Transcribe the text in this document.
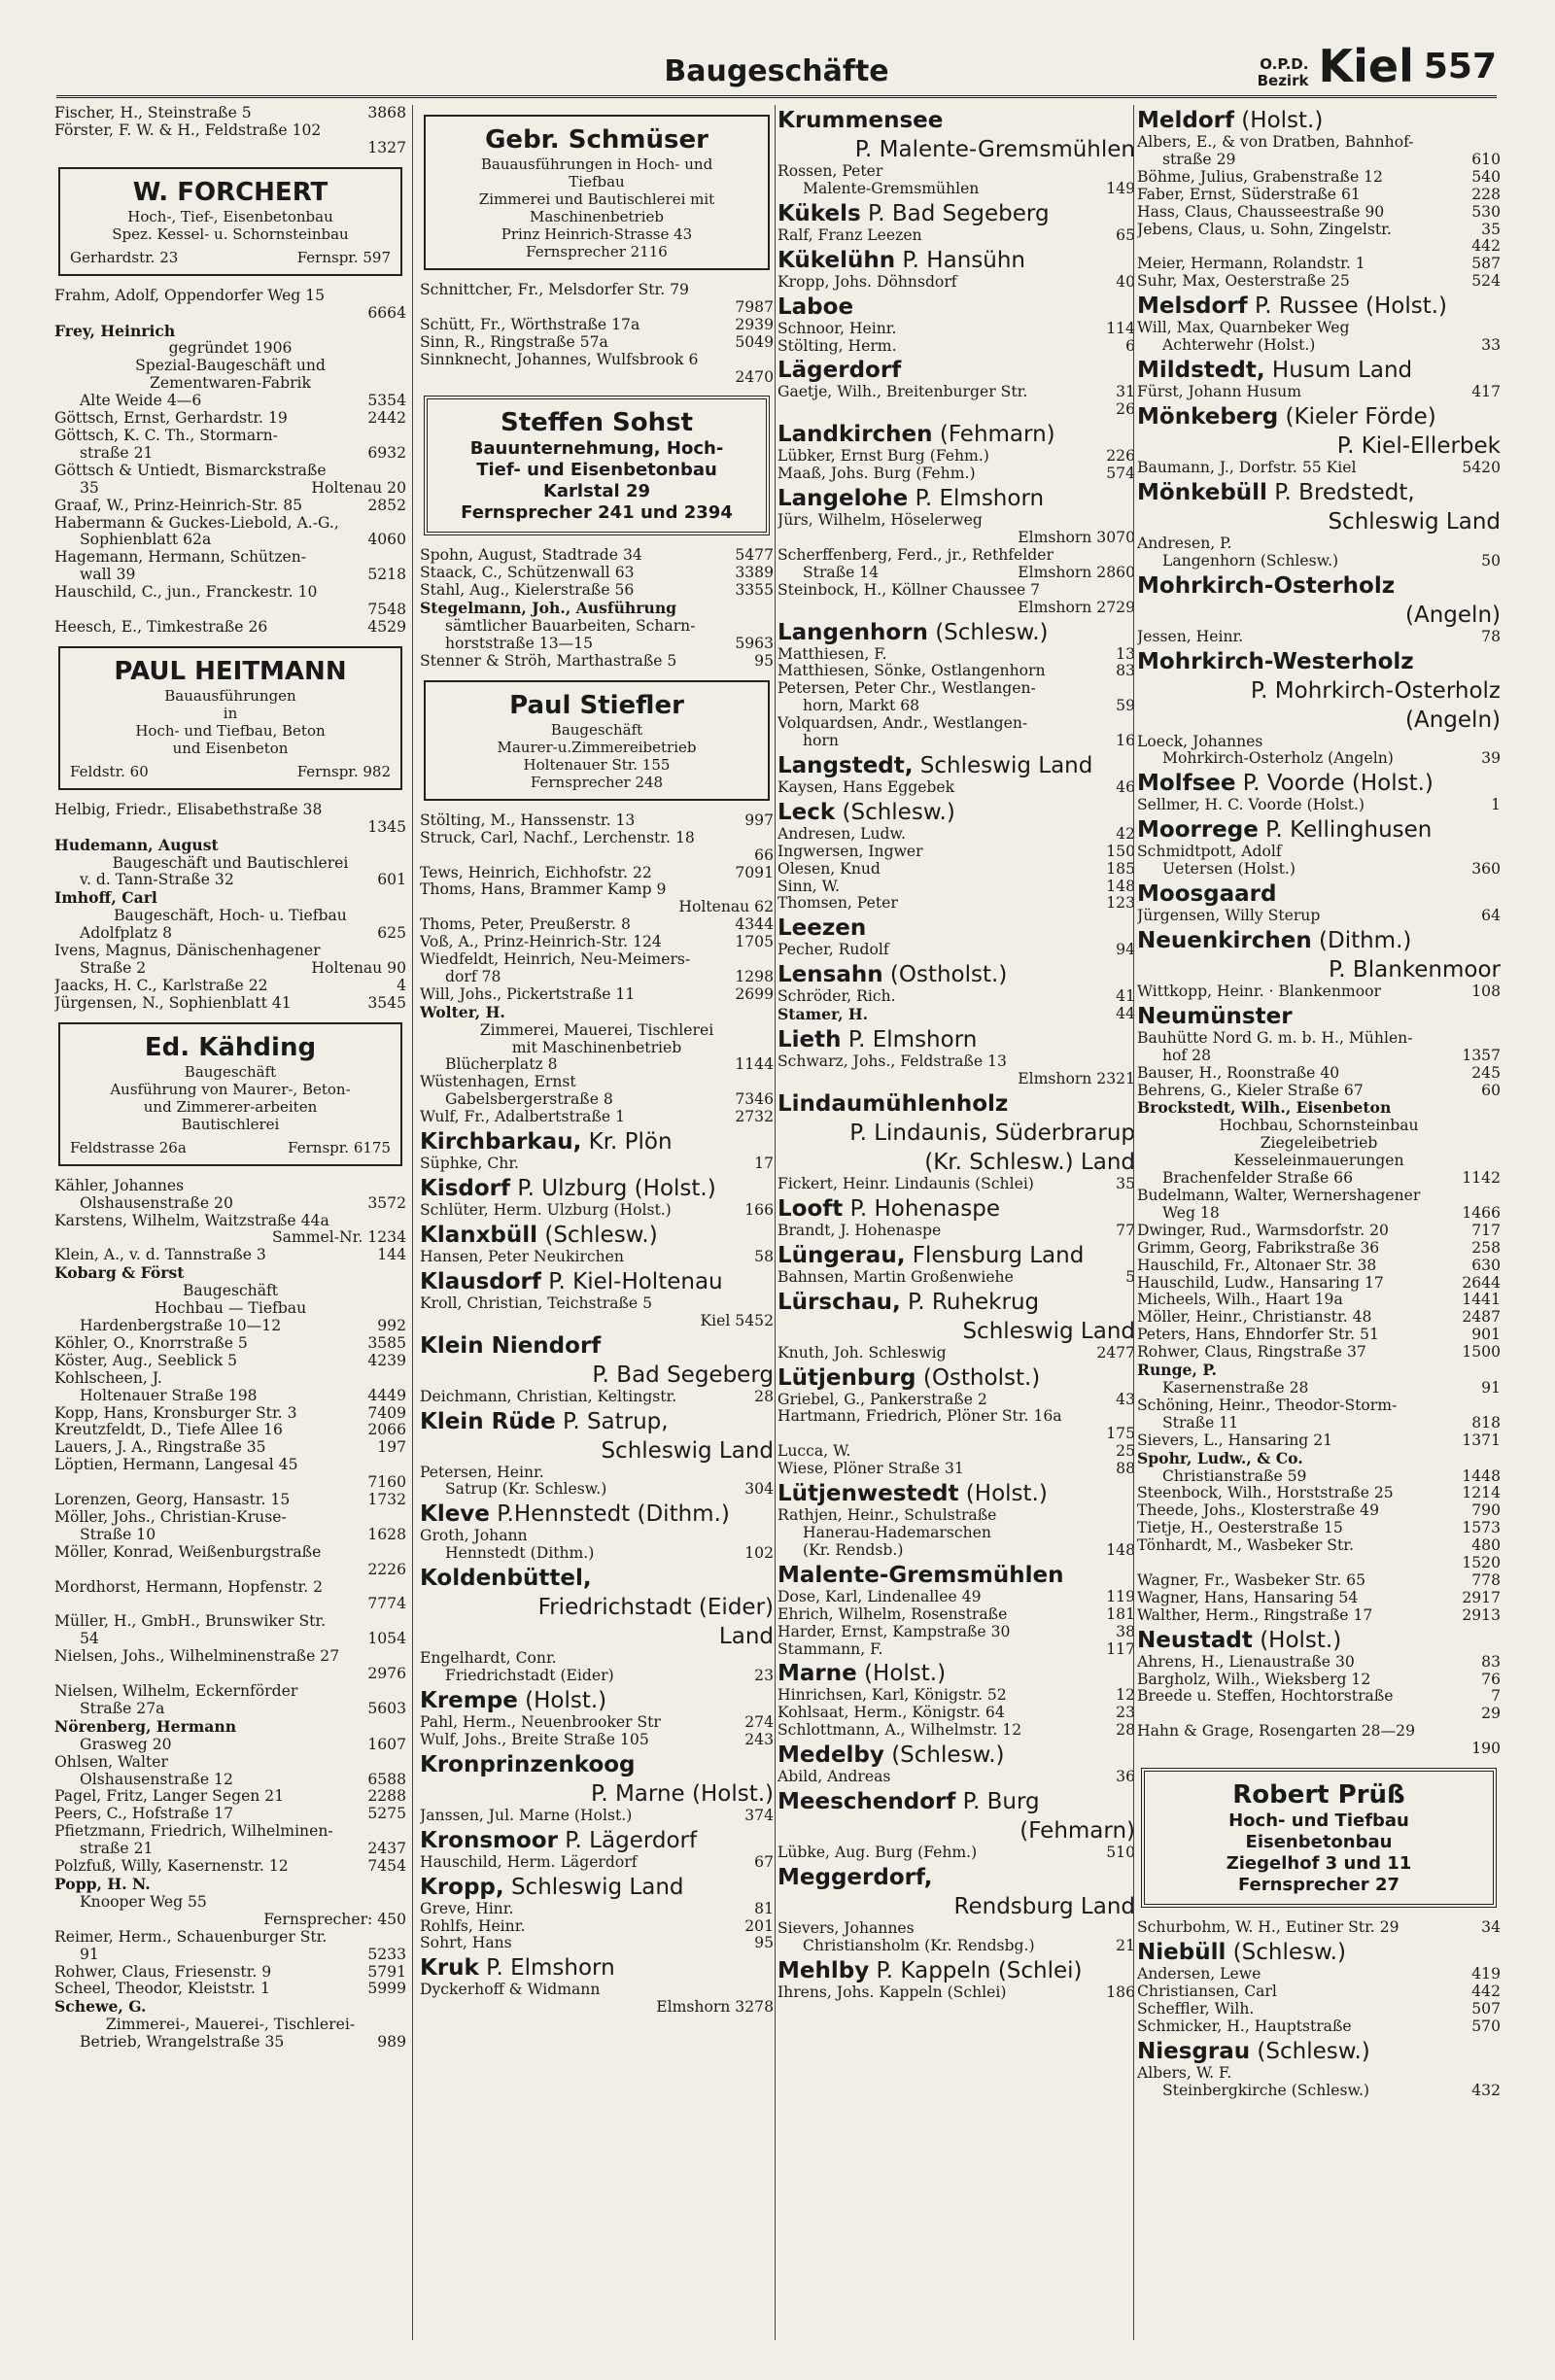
Baugeschäfte	O.P.D.
Bezirk Kiel 557
Fischer, H., Steinstraße 5	3868
Förster, F. W. & H., Feldstraße 102
1327
W. FORCHERT
Hoch-, Tief-, Eisenbetonbau
Spez. Kessel- u. Schornsteinbau
Gerhardstr. 23	Fernspr. 597
Frahm, Adolf, Oppendorfer Weg 15
6664
Frey, Heinrich
gegründet 1906
Spezial-Baugeschäft und
Zementwaren-Fabrik
Alte Weide 4—6	5354
Göttsch, Ernst, Gerhardstr. 19	2442
Göttsch, K. C. Th., Stormarn-
straße 21	6932
Göttsch & Untiedt, Bismarckstraße
35	Holtenau 20
Graaf, W., Prinz-Heinrich-Str. 85	2852
Habermann & Guckes-Liebold, A.-G.,
Sophienblatt 62a	4060
Hagemann, Hermann, Schützen-
wall 39	5218
Hauschild, C., jun., Franckestr. 10
7548
Heesch, E., Timkestraße 26	4529
PAUL HEITMANN
Bauausführungen
in
Hoch- und Tiefbau, Beton
und Eisenbeton
Feldstr. 60	Fernspr. 982
Helbig, Friedr., Elisabethstraße 38
1345
Hudemann, August
Baugeschäft und Bautischlerei
v. d. Tann-Straße 32	601
Imhoff, Carl
Baugeschäft, Hoch- u. Tiefbau
Adolfplatz 8	625
Ivens, Magnus, Dänischenhagener
Straße 2	Holtenau 90
Jaacks, H. C., Karlstraße 22	4
Jürgensen, N., Sophienblatt 41	3545
Ed. Kähding
Baugeschäft
Ausführung von Maurer-, Beton-
und Zimmerer-arbeiten
Bautischlerei
Feldstrasse 26a	Fernspr. 6175
Kähler, Johannes
Olshausenstraße 20	3572
Karstens, Wilhelm, Waitzstraße 44a
Sammel-Nr. 1234
Klein, A., v. d. Tannstraße 3	144
Kobarg & Först
Baugeschäft
Hochbau — Tiefbau
Hardenbergstraße 10—12	992
Köhler, O., Knorrstraße 5	3585
Köster, Aug., Seeblick 5	4239
Kohlscheen, J.
Holtenauer Straße 198	4449
Kopp, Hans, Kronsburger Str. 3	7409
Kreutzfeldt, D., Tiefe Allee 16	2066
Lauers, J. A., Ringstraße 35	197
Löptien, Hermann, Langesal 45
7160
Lorenzen, Georg, Hansastr. 15	1732
Möller, Johs., Christian-Kruse-
Straße 10	1628
Möller, Konrad, Weißenburgstraße
2226
Mordhorst, Hermann, Hopfenstr. 2
7774
Müller, H., GmbH., Brunswiker Str.
54	1054
Nielsen, Johs., Wilhelminenstraße 27
2976
Nielsen, Wilhelm, Eckernförder
Straße 27a	5603
Nörenberg, Hermann
Grasweg 20	1607
Ohlsen, Walter
Olshausenstraße 12	6588
Pagel, Fritz, Langer Segen 21	2288
Peers, C., Hofstraße 17	5275
Pfietzmann, Friedrich, Wilhelminen-
straße 21	2437
Polzfuß, Willy, Kasernenstr. 12	7454
Popp, H. N.
Knooper Weg 55
Fernsprecher: 450
Reimer, Herm., Schauenburger Str.
91	5233
Rohwer, Claus, Friesenstr. 9	5791
Scheel, Theodor, Kleiststr. 1	5999
Schewe, G.
Zimmerei-, Mauerei-, Tischlerei-
Betrieb, Wrangelstraße 35	989
Gebr. Schmüser
Bauausführungen in Hoch- und
Tiefbau
Zimmerei und Bautischlerei mit
Maschinenbetrieb
Prinz Heinrich-Strasse 43
Fernsprecher 2116
Schnittcher, Fr., Melsdorfer Str. 79
7987
Schütt, Fr., Wörthstraße 17a	2939
Sinn, R., Ringstraße 57a	5049
Sinnknecht, Johannes, Wulfsbrook 6
2470
Steffen Sohst
Bauunternehmung, Hoch-
Tief- und Eisenbetonbau
Karlstal 29
Fernsprecher 241 und 2394
Spohn, August, Stadtrade 34	5477
Staack, C., Schützenwall 63	3389
Stahl, Aug., Kielerstraße 56	3355
Stegelmann, Joh., Ausführung
sämtlicher Bauarbeiten, Scharn-
horststraße 13—15	5963
Stenner & Ströh, Marthastraße 5	95
Paul Stiefler
Baugeschäft
Maurer-u.Zimmereibetrieb
Holtenauer Str. 155
Fernsprecher 248
Stölting, M., Hanssenstr. 13	997
Struck, Carl, Nachf., Lerchenstr. 18
66
Tews, Heinrich, Eichhofstr. 22	7091
Thoms, Hans, Brammer Kamp 9
Holtenau 62
Thoms, Peter, Preußerstr. 8	4344
Voß, A., Prinz-Heinrich-Str. 124	1705
Wiedfeldt, Heinrich, Neu-Meimers-
dorf 78	1298
Will, Johs., Pickertstraße 11	2699
Wolter, H.
Zimmerei, Mauerei, Tischlerei
mit Maschinenbetrieb
Blücherplatz 8	1144
Wüstenhagen, Ernst
Gabelsbergerstraße 8	7346
Wulf, Fr., Adalbertstraße 1	2732
Kirchbarkau, Kr. Plön
Süphke, Chr.	17
Kisdorf P. Ulzburg (Holst.)
Schlüter, Herm. Ulzburg (Holst.)	166
Klanxbüll (Schlesw.)
Hansen, Peter Neukirchen	58
Klausdorf P. Kiel-Holtenau
Kroll, Christian, Teichstraße 5
Kiel 5452
Klein Niendorf
P. Bad Segeberg
Deichmann, Christian, Keltingstr.	28
Klein Rüde P. Satrup,
Schleswig Land
Petersen, Heinr.
Satrup (Kr. Schlesw.)	304
Kleve P.Hennstedt (Dithm.)
Groth, Johann
Hennstedt (Dithm.)	102
Koldenbüttel,
Friedrichstadt (Eider)
Land
Engelhardt, Conr.
Friedrichstadt (Eider)	23
Krempe (Holst.)
Pahl, Herm., Neuenbrooker Str	274
Wulf, Johs., Breite Straße 105	243
Kronprinzenkoog
P. Marne (Holst.)
Janssen, Jul. Marne (Holst.)	374
Kronsmoor P. Lägerdorf
Hauschild, Herm. Lägerdorf	67
Kropp, Schleswig Land
Greve, Hinr.	81
Rohlfs, Heinr.	201
Sohrt, Hans	95
Kruk P. Elmshorn
Dyckerhoff & Widmann
Elmshorn 3278
Krummensee
P. Malente-Gremsmühlen
Rossen, Peter
Malente-Gremsmühlen	149
Kükels P. Bad Segeberg
Ralf, Franz Leezen	65
Kükelühn P. Hansühn
Kropp, Johs. Döhnsdorf	40
Laboe
Schnoor, Heinr.	114
Stölting, Herm.	6
Lägerdorf
Gaetje, Wilh., Breitenburger Str.	31
26
Landkirchen (Fehmarn)
Lübker, Ernst Burg (Fehm.)	226
Maaß, Johs. Burg (Fehm.)	574
Langelohe P. Elmshorn
Jürs, Wilhelm, Höselerweg
Elmshorn 3070
Scherffenberg, Ferd., jr., Rethfelder
Straße 14	Elmshorn 2860
Steinbock, H., Köllner Chaussee 7
Elmshorn 2729
Langenhorn (Schlesw.)
Matthiesen, F.	13
Matthiesen, Sönke, Ostlangenhorn	83
Petersen, Peter Chr., Westlangen-
horn, Markt 68	59
Volquardsen, Andr., Westlangen-
horn	16
Langstedt, Schleswig Land
Kaysen, Hans Eggebek	46
Leck (Schlesw.)
Andresen, Ludw.	42
Ingwersen, Ingwer	150
Olesen, Knud	185
Sinn, W.	148
Thomsen, Peter	123
Leezen
Pecher, Rudolf	94
Lensahn (Ostholst.)
Schröder, Rich.	41
Stamer, H.	44
Lieth P. Elmshorn
Schwarz, Johs., Feldstraße 13
Elmshorn 2321
Lindaumühlenholz
P. Lindaunis, Süderbrarup
(Kr. Schlesw.) Land
Fickert, Heinr. Lindaunis (Schlei)	35
Looft P. Hohenaspe
Brandt, J. Hohenaspe	77
Lüngerau, Flensburg Land
Bahnsen, Martin Großenwiehe	5
Lürschau, P. Ruhekrug
Schleswig Land
Knuth, Joh. Schleswig	2477
Lütjenburg (Ostholst.)
Griebel, G., Pankerstraße 2	43
Hartmann, Friedrich, Plöner Str. 16a
175
Lucca, W.	25
Wiese, Plöner Straße 31	88
Lütjenwestedt (Holst.)
Rathjen, Heinr., Schulstraße
Hanerau-Hademarschen
(Kr. Rendsb.)	148
Malente-Gremsmühlen
Dose, Karl, Lindenallee 49	119
Ehrich, Wilhelm, Rosenstraße	181
Harder, Ernst, Kampstraße 30	38
Stammann, F.	117
Marne (Holst.)
Hinrichsen, Karl, Königstr. 52	12
Kohlsaat, Herm., Königstr. 64	23
Schlottmann, A., Wilhelmstr. 12	28
Medelby (Schlesw.)
Abild, Andreas	36
Meeschendorf P. Burg
(Fehmarn)
Lübke, Aug. Burg (Fehm.)	510
Meggerdorf,
Rendsburg Land
Sievers, Johannes
Christiansholm (Kr. Rendsbg.)	21
Mehlby P. Kappeln (Schlei)
Ihrens, Johs. Kappeln (Schlei)	186
Meldorf (Holst.)
Albers, E., & von Dratben, Bahnhof-
straße 29	610
Böhme, Julius, Grabenstraße 12	540
Faber, Ernst, Süderstraße 61	228
Hass, Claus, Chausseestraße 90	530
Jebens, Claus, u. Sohn, Zingelstr.	35
442
Meier, Hermann, Rolandstr. 1	587
Suhr, Max, Oesterstraße 25	524
Melsdorf P. Russee (Holst.)
Will, Max, Quarnbeker Weg
Achterwehr (Holst.)	33
Mildstedt, Husum Land
Fürst, Johann Husum	417
Mönkeberg (Kieler Förde)
P. Kiel-Ellerbek
Baumann, J., Dorfstr. 55 Kiel	5420
Mönkebüll P. Bredstedt,
Schleswig Land
Andresen, P.
Langenhorn (Schlesw.)	50
Mohrkirch-Osterholz
(Angeln)
Jessen, Heinr.	78
Mohrkirch-Westerholz
P. Mohrkirch-Osterholz
(Angeln)
Loeck, Johannes
Mohrkirch-Osterholz (Angeln)	39
Molfsee P. Voorde (Holst.)
Sellmer, H. C. Voorde (Holst.)	1
Moorrege P. Kellinghusen
Schmidtpott, Adolf
Uetersen (Holst.)	360
Moosgaard
Jürgensen, Willy Sterup	64
Neuenkirchen (Dithm.)
P. Blankenmoor
Wittkopp, Heinr. · Blankenmoor	108
Neumünster
Bauhütte Nord G. m. b. H., Mühlen-
hof 28	1357
Bauser, H., Roonstraße 40	245
Behrens, G., Kieler Straße 67	60
Brockstedt, Wilh., Eisenbeton
Hochbau, Schornsteinbau
Ziegeleibetrieb
Kesseleinmauerungen
Brachenfelder Straße 66	1142
Budelmann, Walter, Wernershagener
Weg 18	1466
Dwinger, Rud., Warmsdorfstr. 20	717
Grimm, Georg, Fabrikstraße 36	258
Hauschild, Fr., Altonaer Str. 38	630
Hauschild, Ludw., Hansaring 17	2644
Micheels, Wilh., Haart 19a	1441
Möller, Heinr., Christianstr. 48	2487
Peters, Hans, Ehndorfer Str. 51	901
Rohwer, Claus, Ringstraße 37	1500
Runge, P.
Kasernenstraße 28	91
Schöning, Heinr., Theodor-Storm-
Straße 11	818
Sievers, L., Hansaring 21	1371
Spohr, Ludw., & Co.
Christianstraße 59	1448
Steenbock, Wilh., Horststraße 25	1214
Theede, Johs., Klosterstraße 49	790
Tietje, H., Oesterstraße 15	1573
Tönhardt, M., Wasbeker Str.	480
1520
Wagner, Fr., Wasbeker Str. 65	778
Wagner, Hans, Hansaring 54	2917
Walther, Herm., Ringstraße 17	2913
Neustadt (Holst.)
Ahrens, H., Lienaustraße 30	83
Bargholz, Wilh., Wieksberg 12	76
Breede u. Steffen, Hochtorstraße	7
29
Hahn & Grage, Rosengarten 28—29
190
Robert Prüß
Hoch- und Tiefbau
Eisenbetonbau
Ziegelhof 3 und 11
Fernsprecher 27
Schurbohm, W. H., Eutiner Str. 29	34
Niebüll (Schlesw.)
Andersen, Lewe	419
Christiansen, Carl	442
Scheffler, Wilh.	507
Schmicker, H., Hauptstraße	570
Niesgrau (Schlesw.)
Albers, W. F.
Steinbergkirche (Schlesw.)	432
